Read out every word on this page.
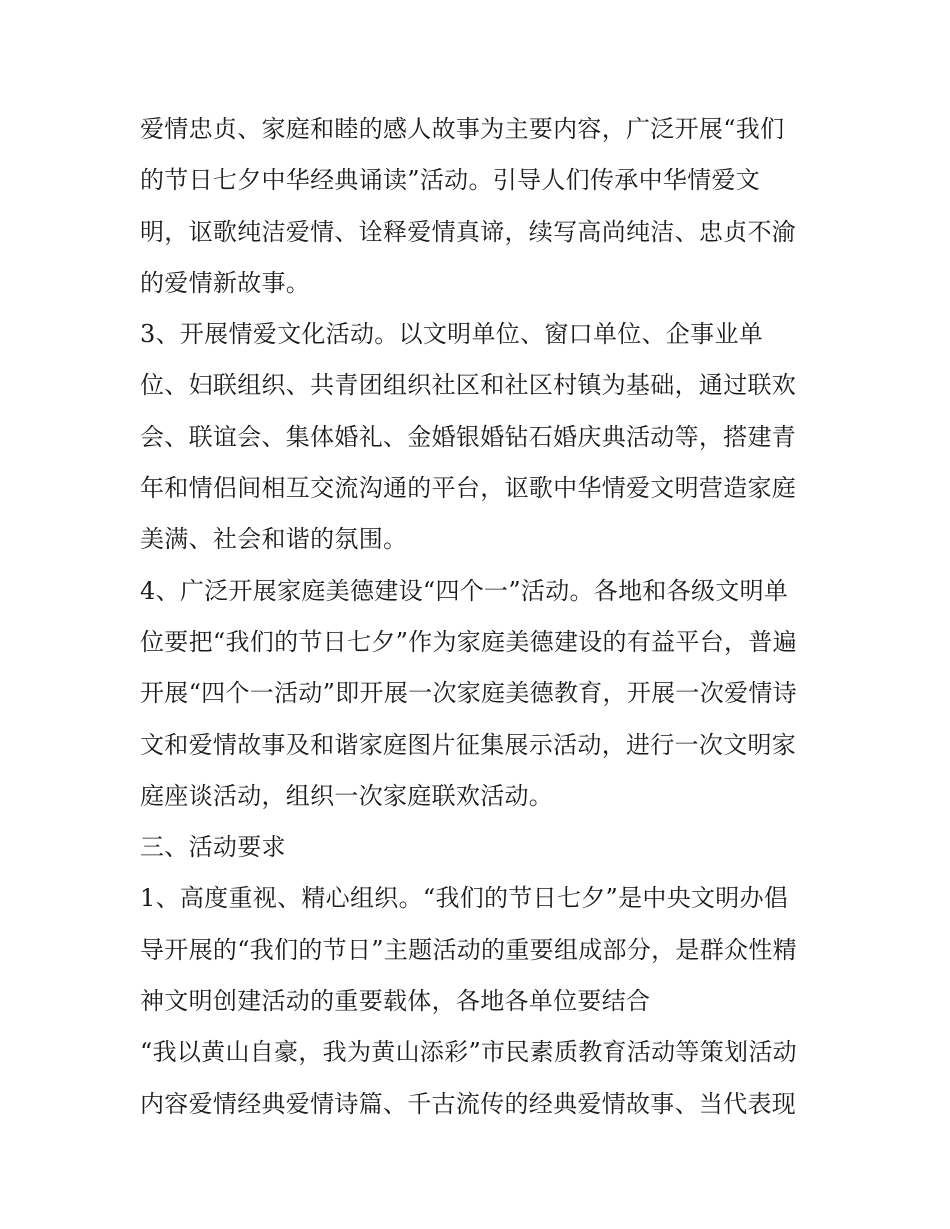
爱情忠贞、家庭和睦的感人故事为主要内容，广泛开展“我们
的节日七夕中华经典诵读”活动。引导人们传承中华情爱文
明，讴歌纯洁爱情、诠释爱情真谛，续写高尚纯洁、忠贞不渝
的爱情新故事。
3、开展情爱文化活动。以文明单位、窗口单位、企事业单
位、妇联组织、共青团组织社区和社区村镇为基础，通过联欢
会、联谊会、集体婚礼、金婚银婚钻石婚庆典活动等，搭建青
年和情侣间相互交流沟通的平台，讴歌中华情爱文明营造家庭
美满、社会和谐的氛围。
4、广泛开展家庭美德建设“四个一”活动。各地和各级文明单
位要把“我们的节日七夕”作为家庭美德建设的有益平台，普遍
开展“四个一活动”即开展一次家庭美德教育，开展一次爱情诗
文和爱情故事及和谐家庭图片征集展示活动，进行一次文明家
庭座谈活动，组织一次家庭联欢活动。
三、活动要求
1、高度重视、精心组织。“我们的节日七夕”是中央文明办倡
导开展的“我们的节日”主题活动的重要组成部分，是群众性精
神文明创建活动的重要载体，各地各单位要结合
“我以黄山自豪，我为黄山添彩”市民素质教育活动等策划活动
内容爱情经典爱情诗篇、千古流传的经典爱情故事、当代表现
